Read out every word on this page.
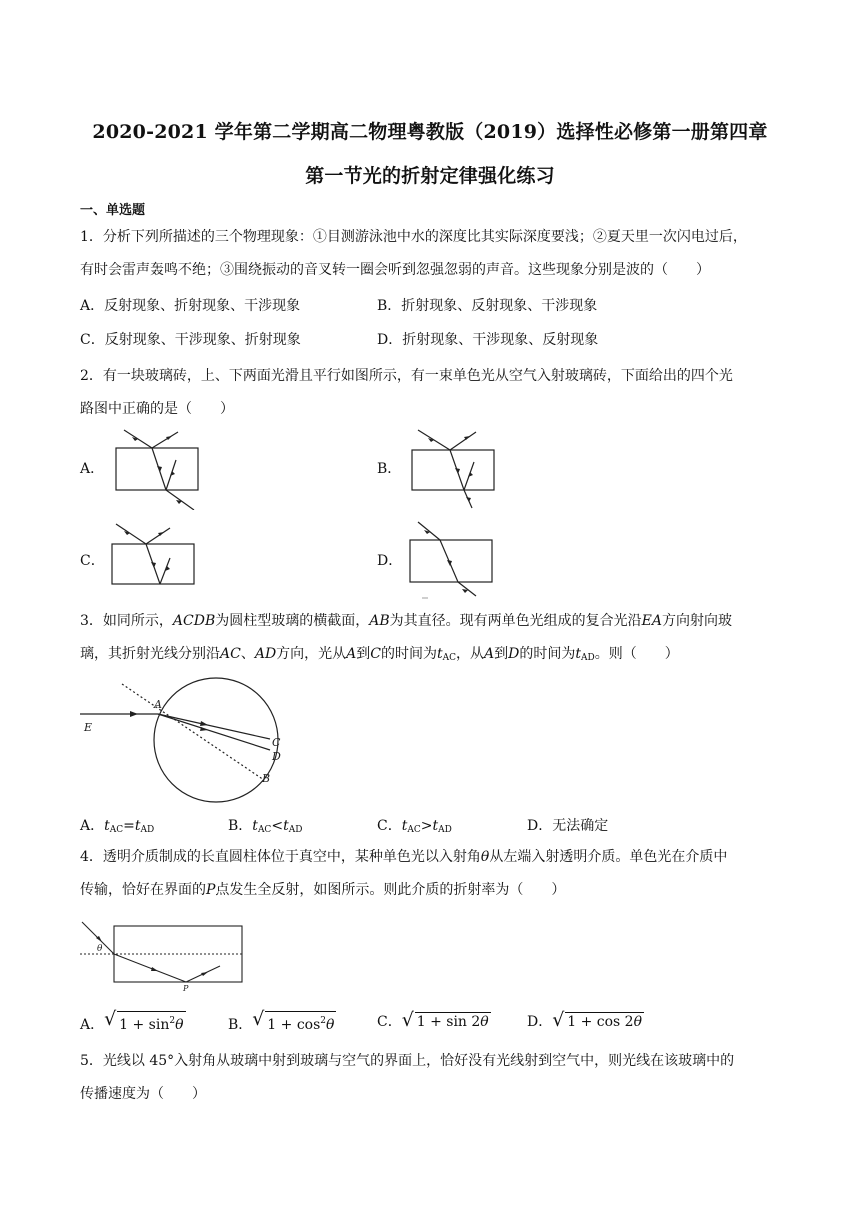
2020-2021 学年第二学期高二物理粤教版（2019）选择性必修第一册第四章
第一节光的折射定律强化练习
一、单选题
1．分析下列所描述的三个物理现象：①目测游泳池中水的深度比其实际深度要浅；②夏天里一次闪电过后，
有时会雷声轰鸣不绝；③围绕振动的音叉转一圈会听到忽强忽弱的声音。这些现象分别是波的（　　）
A．反射现象、折射现象、干涉现象	B．折射现象、反射现象、干涉现象
C．反射现象、干涉现象、折射现象	D．折射现象、干涉现象、反射现象
2．有一块玻璃砖，上、下两面光滑且平行如图所示，有一束单色光从空气入射玻璃砖，下面给出的四个光
路图中正确的是（　　）
A．	B．
C．	D．
3．如同所示，ACDB为圆柱型玻璃的横截面，AB为其直径。现有两单色光组成的复合光沿EA方向射向玻
璃，其折射光线分别沿AC、AD方向，光从A到C的时间为$t_{AC}$，从A到D的时间为$t_{AD}$。则（　　）
E
A
C
D
B
A．$t_{AC}=t_{AD}$	B．$t_{AC}<t_{AD}$	C．$t_{AC}>t_{AD}$	D．无法确定
4．透明介质制成的长直圆柱体位于真空中，某种单色光以入射角θ从左端入射透明介质。单色光在介质中
传输，恰好在界面的P点发生全反射，如图所示。则此介质的折射率为（　　）
θ
P
A． √ $1 + \sin^2\theta$	B． √ $1 + \cos^2\theta$	C． √ 1 + sin 2θ	D． √ 1 + cos 2θ
5．光线以 45°入射角从玻璃中射到玻璃与空气的界面上，恰好没有光线射到空气中，则光线在该玻璃中的
传播速度为（　　）
